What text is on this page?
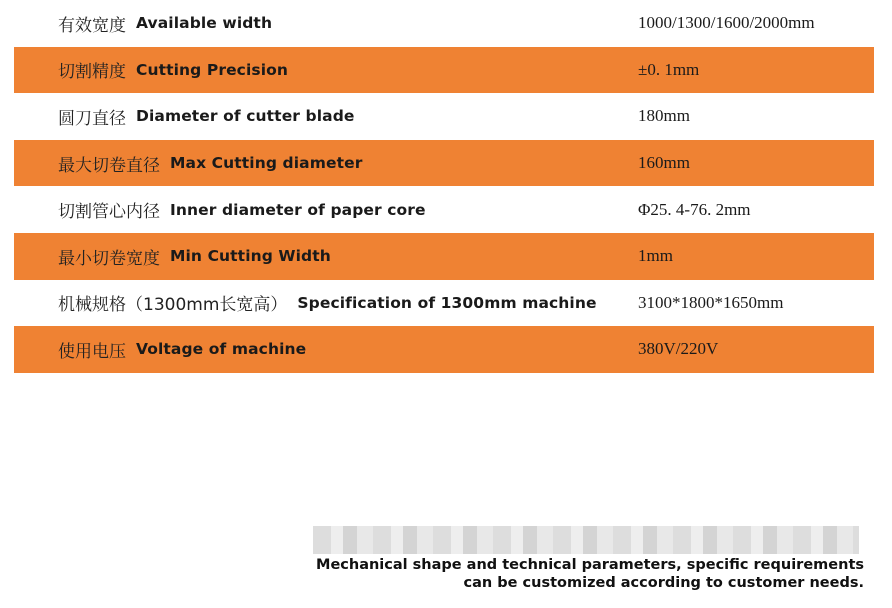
有效宽度 Available width	1000/1300/1600/2000mm
切割精度 Cutting Precision	±0. 1mm
圆刀直径 Diameter of cutter blade	180mm
最大切卷直径 Max Cutting diameter	160mm
切割管心内径 Inner diameter of paper core	Φ25. 4-76. 2mm
最小切卷宽度 Min Cutting Width	1mm
机械规格（1300mm长宽高） Specification of 1300mm machine 3100*1800*1650mm
使用电压 Voltage of machine	380V/220V
Mechanical shape and technical parameters, specific requirements
can be customized according to customer needs.
